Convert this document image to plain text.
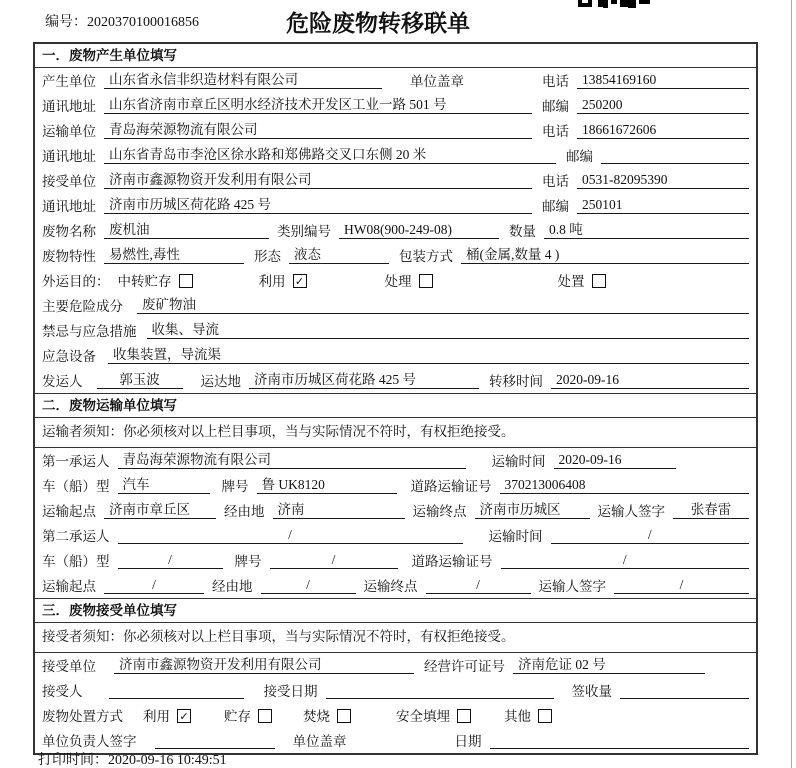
编号：2020370100016856	危险废物转移联单
一．废物产生单位填写
产生单位 山东省永信非织造材料有限公司	单位盖章	电话 13854169160
通讯地址 山东省济南市章丘区明水经济技术开发区工业一路 501 号	邮编 250200
运输单位 青岛海荣源物流有限公司	电话 18661672606
通讯地址 山东省青岛市李沧区徐水路和郑佛路交叉口东侧 20 米	邮编
接受单位 济南市鑫源物资开发利用有限公司	电话 0531-82095390
通讯地址 济南市历城区荷花路 425 号	邮编 250101
废物名称 废机油	类别编号 HW08(900-249-08)	数量 0.8 吨
废物特性 易燃性,毒性	形态 液态	包装方式 桶(金属,数量 4 )
外运目的： 中转贮存	利用 ✓	处理	处置
主要危险成分	废矿物油
禁忌与应急措施	收集、导流
应急设备	收集装置，导流渠
发运人	郭玉波	运达地 济南市历城区荷花路 425 号	转移时间 2020-09-16
二．废物运输单位填写
运输者须知：你必须核对以上栏目事项，当与实际情况不符时，有权拒绝接受。
第一承运人 青岛海荣源物流有限公司	运输时间 2020-09-16
车（船）型 汽车	牌号 鲁 UK8120	道路运输证号 370213006408
运输起点 济南市章丘区	经由地 济南	运输终点 济南市历城区	运输人签字	张春雷
第二承运人	/	运输时间	/
车（船）型	/	牌号	/	道路运输证号	/
运输起点	/	经由地	/	运输终点	/	运输人签字	/
三．废物接受单位填写
接受者须知：你必须核对以上栏目事项，当与实际情况不符时，有权拒绝接受。
接受单位	济南市鑫源物资开发利用有限公司	经营许可证号 济南危证 02 号
接受人	接受日期	签收量
废物处置方式 利用 ✓	贮存	焚烧	安全填埋	其他
单位负责人签字	单位盖章	日期
打印时间：2020-09-16 10:49:51
